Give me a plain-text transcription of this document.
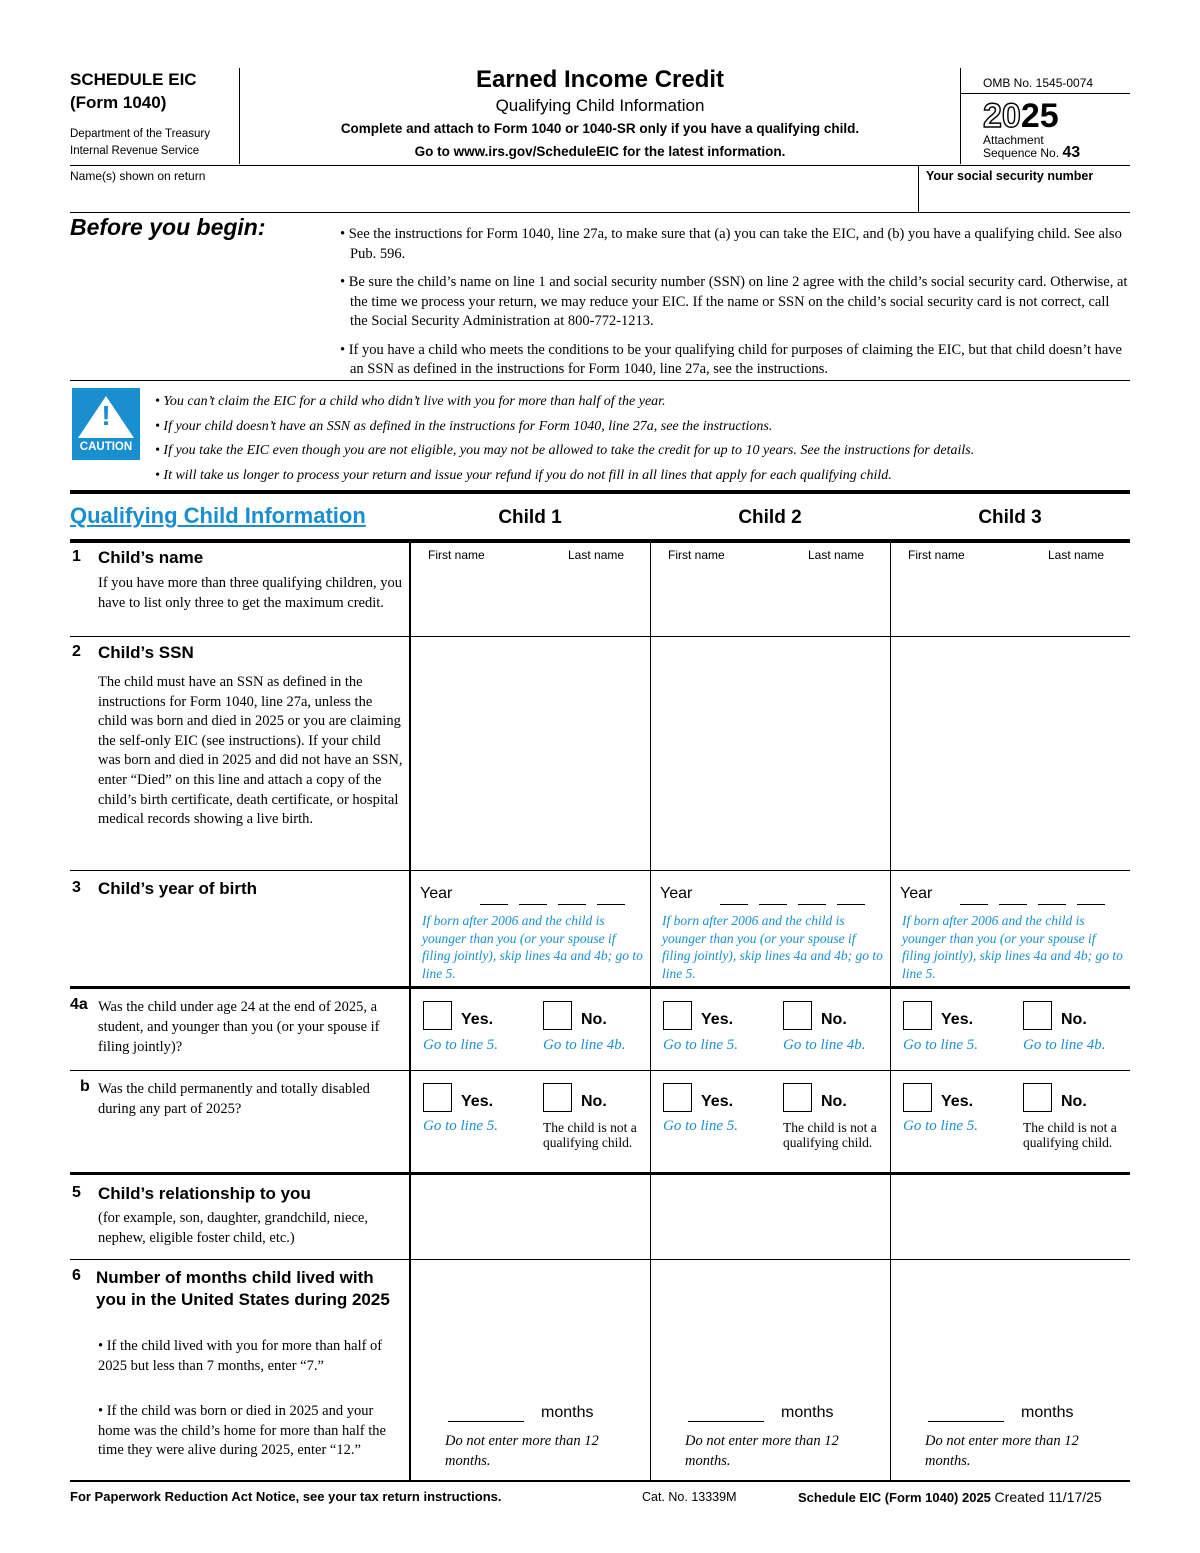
SCHEDULE EIC
(Form 1040)
Department of the Treasury
Internal Revenue Service
Earned Income Credit
Qualifying Child Information
Complete and attach to Form 1040 or 1040-SR only if you have a qualifying child.
Go to www.irs.gov/ScheduleEIC for the latest information.
OMB No. 1545-0074
2025
Attachment
Sequence No. 43
Name(s) shown on return	Your social security number
Before you begin:	• See the instructions for Form 1040, line 27a, to make sure that (a) you can take the EIC, and (b) you have a qualifying child. See also Pub. 596.
• Be sure the child’s name on line 1 and social security number (SSN) on line 2 agree with the child’s social security card. Otherwise, at the time we process your return, we may reduce your EIC. If the name or SSN on the child’s social security card is not correct, call the Social Security Administration at 800-772-1213.
• If you have a child who meets the conditions to be your qualifying child for purposes of claiming the EIC, but that child doesn’t have an SSN as defined in the instructions for Form 1040, line 27a, see the instructions.
!
CAUTION
• You can’t claim the EIC for a child who didn’t live with you for more than half of the year.
• If your child doesn’t have an SSN as defined in the instructions for Form 1040, line 27a, see the instructions.
• If you take the EIC even though you are not eligible, you may not be allowed to take the credit for up to 10 years. See the instructions for details.
• It will take us longer to process your return and issue your refund if you do not fill in all lines that apply for each qualifying child.
Qualifying Child Information	Child 1	Child 2	Child 3
1 Child’s name
If you have more than three qualifying children, you have to list only three to get the maximum credit.
First name	Last name	First name	Last name	First name	Last name
2 Child’s SSN
The child must have an SSN as defined in the instructions for Form 1040, line 27a, unless the child was born and died in 2025 or you are claiming the self-only EIC (see instructions). If your child was born and died in 2025 and did not have an SSN, enter “Died” on this line and attach a copy of the child’s birth certificate, death certificate, or hospital medical records showing a live birth.
3 Child’s year of birth	Year
If born after 2006 and the child is younger than you (or your spouse if filing jointly), skip lines 4a and 4b; go to line 5.
Year
If born after 2006 and the child is younger than you (or your spouse if filing jointly), skip lines 4a and 4b; go to line 5.
Year
If born after 2006 and the child is younger than you (or your spouse if filing jointly), skip lines 4a and 4b; go to line 5.
4a Was the child under age 24 at the end of 2025, a student, and younger than you (or your spouse if filing jointly)?
Yes.	No.
Go to line 5.	Go to line 4b.
Yes.	No.
Go to line 5.	Go to line 4b.
Yes.	No.
Go to line 5.	Go to line 4b.
b Was the child permanently and totally disabled during any part of 2025?	Yes.	No.
Go to line 5.	The child is not a qualifying child.
Yes.	No.
Go to line 5.	The child is not a qualifying child.
Yes.	No.
Go to line 5.	The child is not a qualifying child.
5 Child’s relationship to you
(for example, son, daughter, grandchild, niece, nephew, eligible foster child, etc.)
6 Number of months child lived with you in the United States during 2025
• If the child lived with you for more than half of 2025 but less than 7 months, enter “7.”
• If the child was born or died in 2025 and your home was the child’s home for more than half the time they were alive during 2025, enter “12.”
months
Do not enter more than 12 months.
months
Do not enter more than 12 months.
months
Do not enter more than 12 months.
For Paperwork Reduction Act Notice, see your tax return instructions.	Cat. No. 13339M	Schedule EIC (Form 1040) 2025 Created 11/17/25
